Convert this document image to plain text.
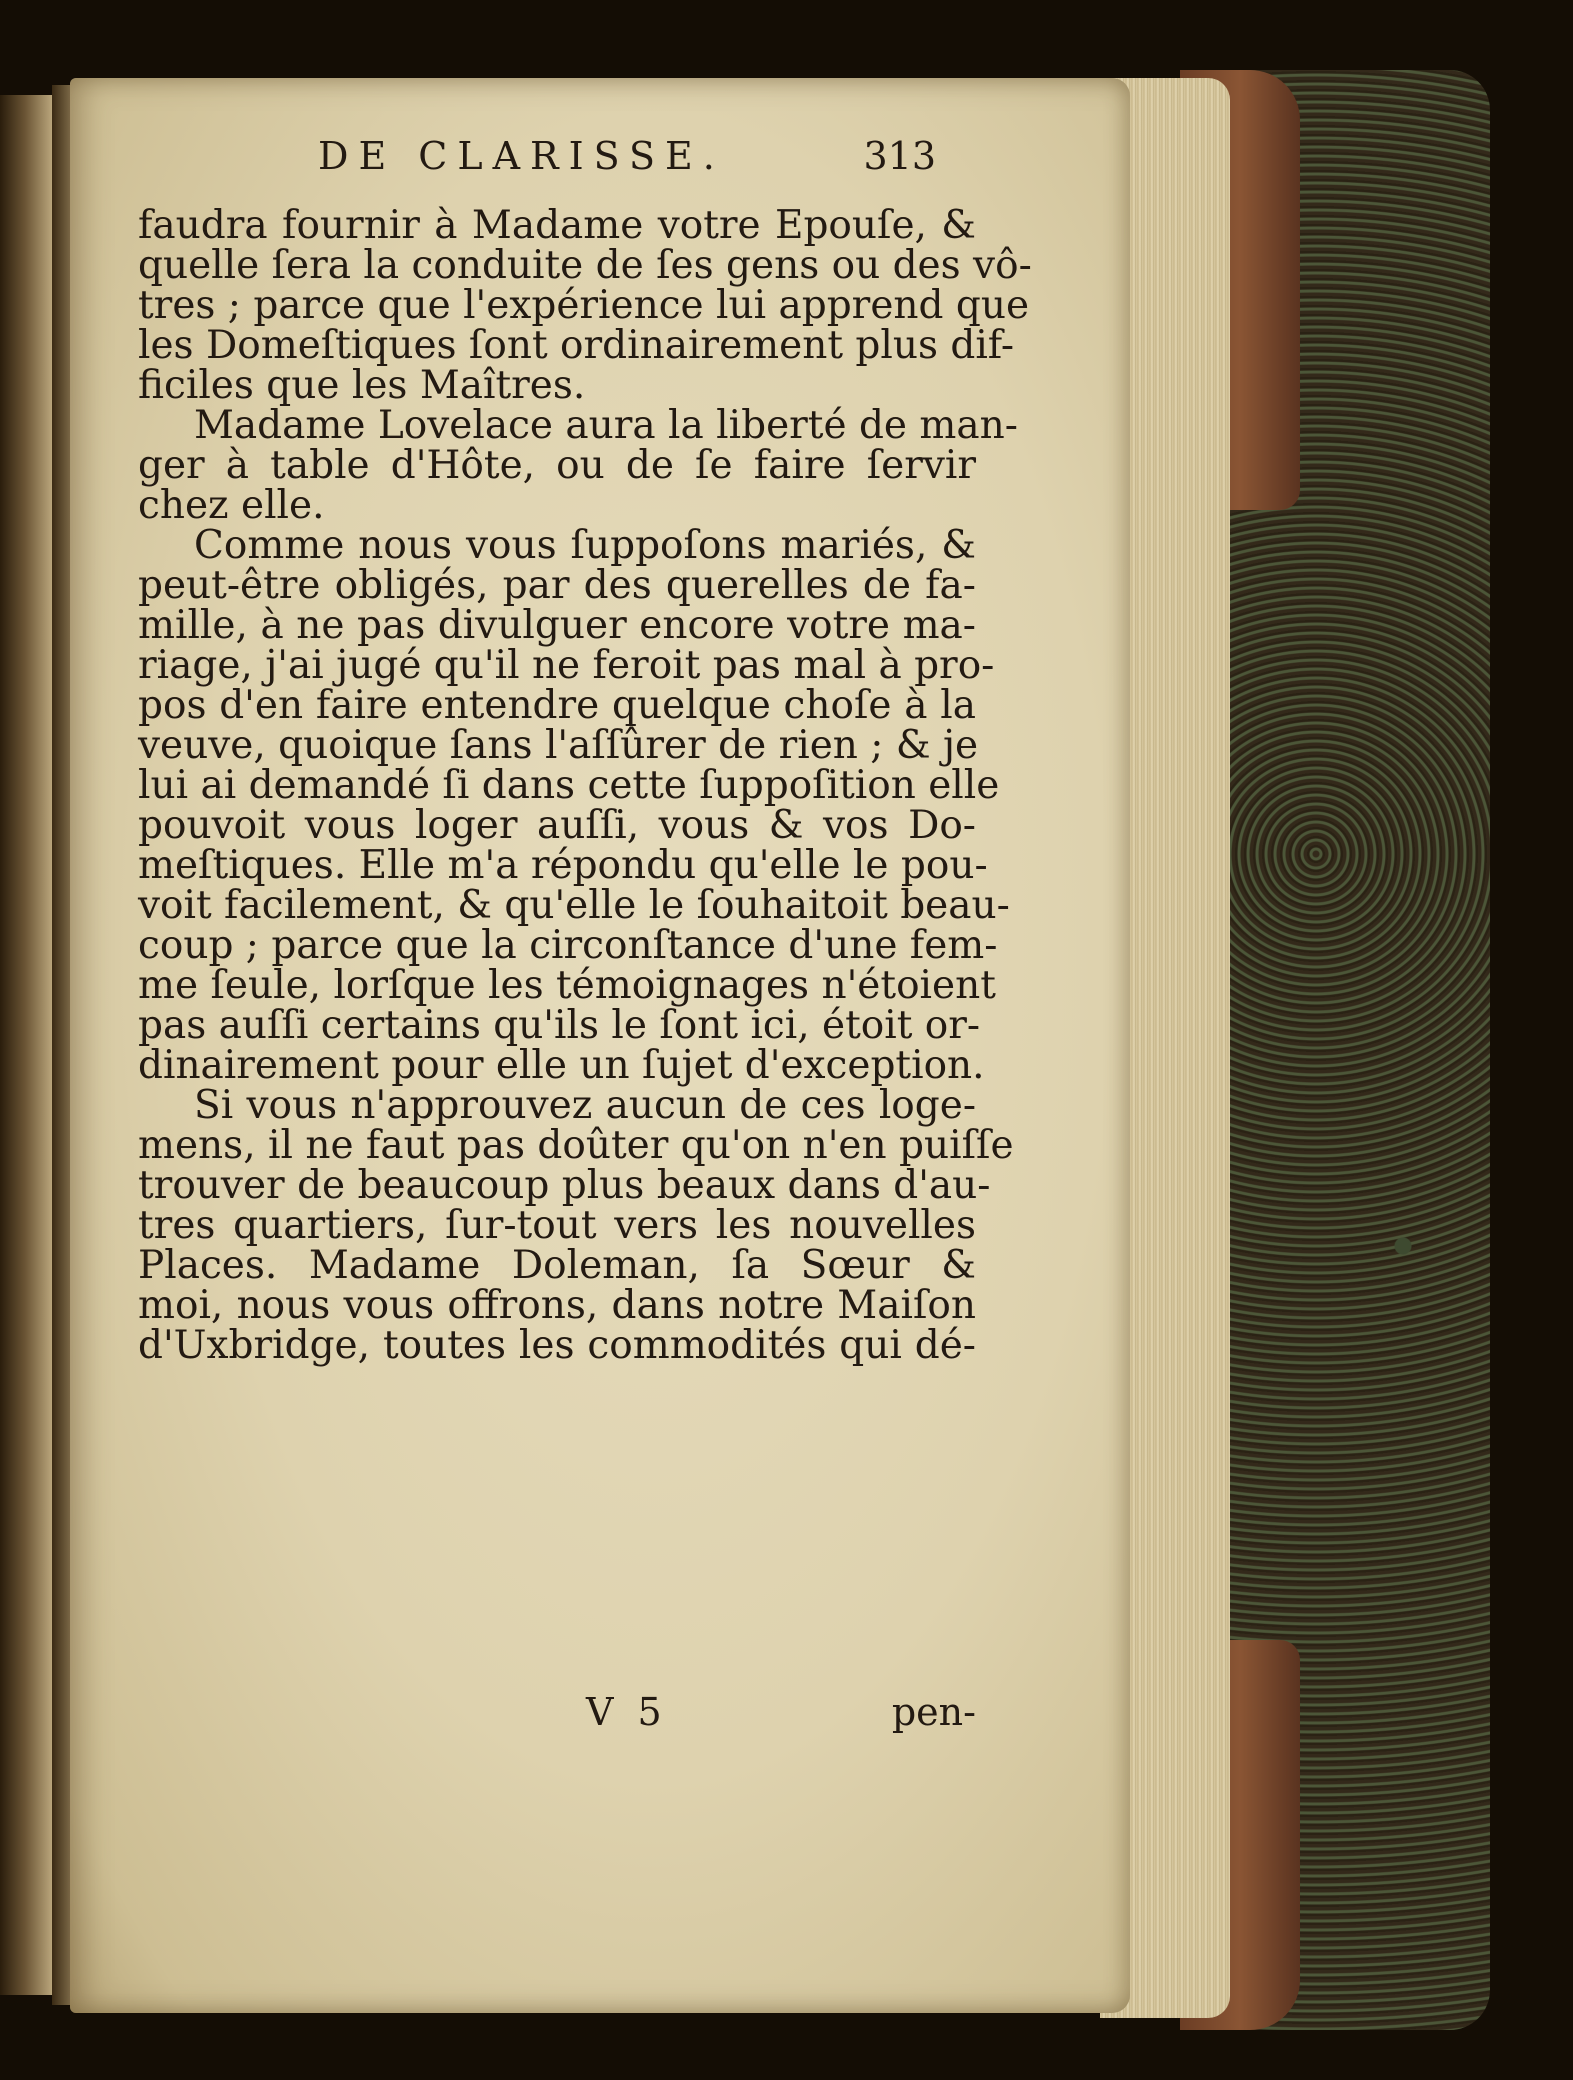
DE CLARISSE.	313
faudra fournir à Madame votre Epouſe, &
quelle ſera la conduite de ſes gens ou des vô-
tres ; parce que l'expérience lui apprend que
les Domeſtiques ſont ordinairement plus dif-
ficiles que les Maîtres.
Madame Lovelace aura la liberté de man-
ger à table d'Hôte, ou de ſe faire ſervir
chez elle.
Comme nous vous ſuppoſons mariés, &
peut-être obligés, par des querelles de fa-
mille, à ne pas divulguer encore votre ma-
riage, j'ai jugé qu'il ne feroit pas mal à pro-
pos d'en faire entendre quelque choſe à la
veuve, quoique ſans l'aſſûrer de rien ; & je
lui ai demandé ſi dans cette ſuppoſition elle
pouvoit vous loger auſſi, vous & vos Do-
meſtiques. Elle m'a répondu qu'elle le pou-
voit facilement, & qu'elle le ſouhaitoit beau-
coup ; parce que la circonſtance d'une fem-
me ſeule, lorſque les témoignages n'étoient
pas auſſi certains qu'ils le ſont ici, étoit or-
dinairement pour elle un ſujet d'exception.
Si vous n'approuvez aucun de ces loge-
mens, il ne faut pas doûter qu'on n'en puiſſe
trouver de beaucoup plus beaux dans d'au-
tres quartiers, ſur-tout vers les nouvelles
Places. Madame Doleman, ſa Sœur &
moi, nous vous offrons, dans notre Maiſon
d'Uxbridge, toutes les commodités qui dé-
V 5	pen-
